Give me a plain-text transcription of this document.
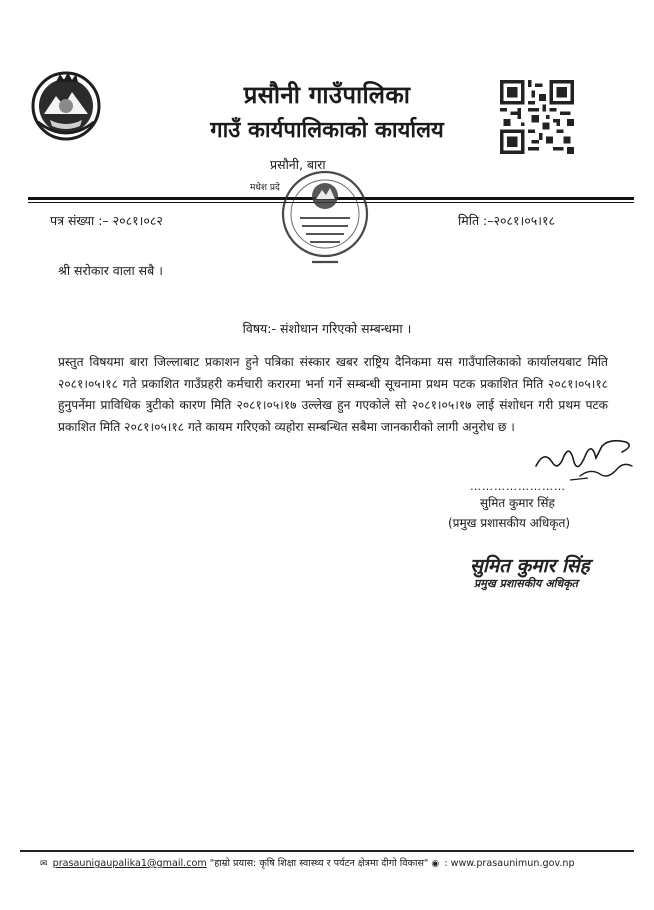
प्रसौनी गाउँपालिका
गाउँ कार्यपालिकाको कार्यालय
प्रसौनी, बारा
मधेश प्रदे
पत्र संख्या :– २०८१।०८२	मिति :–२०८१।०५।१८
श्री सरोकार वाला सबै ।
विषय:- संशोधान गरिएको सम्बन्धमा ।
प्रस्तुत विषयमा बारा जिल्लाबाट प्रकाशन हुने पत्रिका संस्कार खबर राष्ट्रिय दैनिकमा यस गाउँपालिकाको कार्यालयबाट मिति २०८१।०५।१८ गते प्रकाशित गाउँप्रहरी कर्मचारी करारमा भर्ना गर्ने सम्बन्धी सूचनामा प्रथम पटक प्रकाशित मिति २०८१।०५।१८ हुनुपर्नेमा प्राविधिक त्रुटीको कारण मिति २०८१।०५।१७ उल्लेख हुन गएकोले सो २०८१।०५।१७ लाई संशोधन गरी प्रथम पटक प्रकाशित मिति २०८१।०५।१८ गते कायम गरिएको व्यहोरा सम्बन्धित सबैमा जानकारीको लागी अनुरोध छ ।
……………………
सुमित कुमार सिंह
(प्रमुख प्रशासकीय अधिकृत)
सुमित कुमार सिंह
प्रमुख प्रशासकीय अधिकृत
✉ prasaunigaupalika1@gmail.com "हाम्रो प्रयास: कृषि शिक्षा स्वास्थ्य र पर्यटन क्षेत्रमा दीगो विकास" ◉ : www.prasaunimun.gov.np
